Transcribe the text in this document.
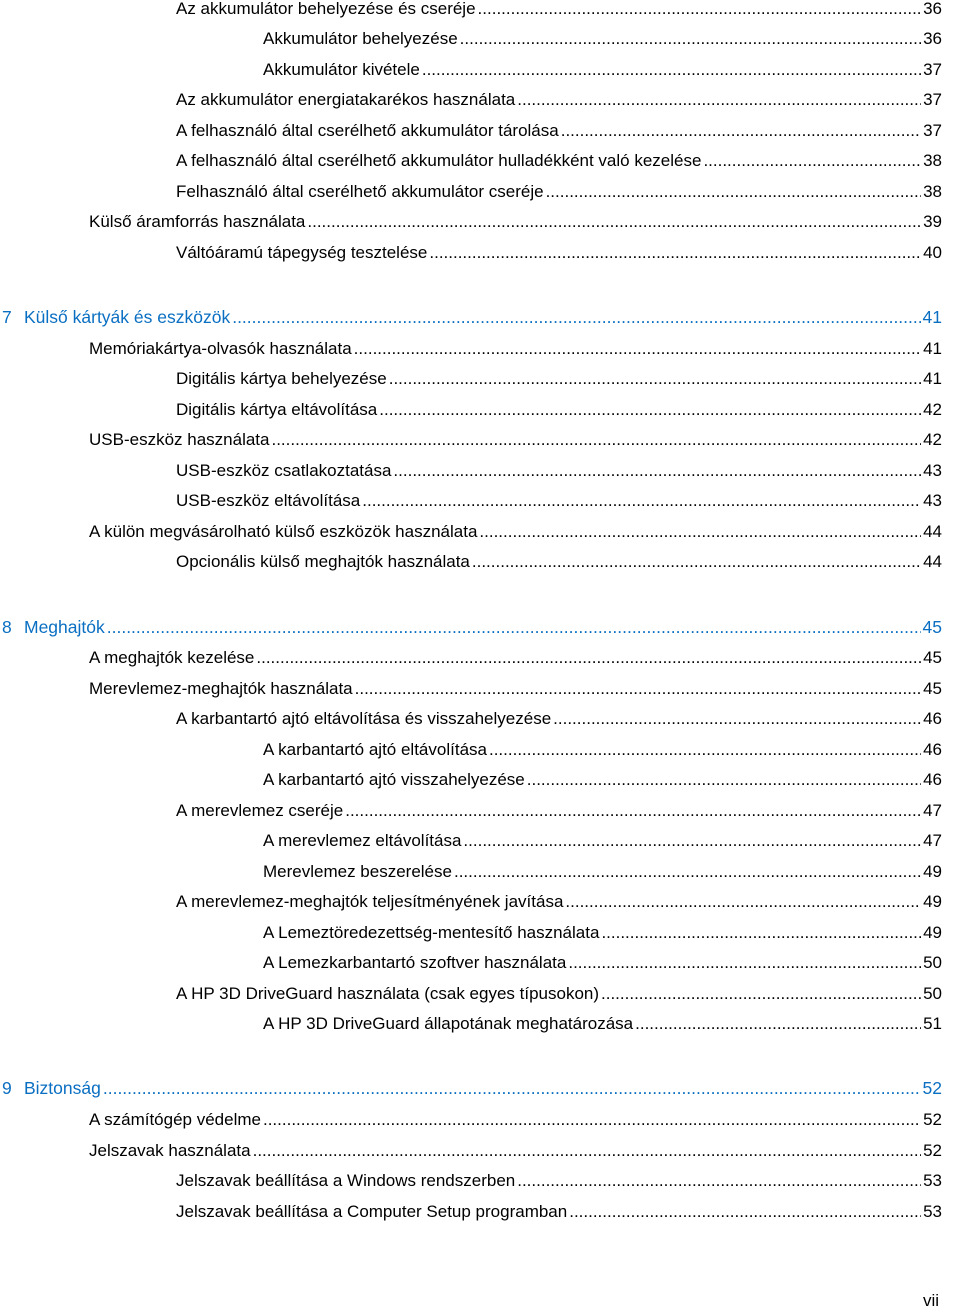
Az akkumulátor behelyezése és cseréje .....	36
Akkumulátor behelyezése .....	36
Akkumulátor kivétele .....	37
Az akkumulátor energiatakarékos használata .....	37
A felhasználó által cserélhető akkumulátor tárolása .....	37
A felhasználó által cserélhető akkumulátor hulladékként való kezelése .....	38
Felhasználó által cserélhető akkumulátor cseréje .....	38
Külső áramforrás használata .....	39
Váltóáramú tápegység tesztelése .....	40
7 Külső kártyák és eszközök .....	41
Memóriakártya-olvasók használata .....	41
Digitális kártya behelyezése .....	41
Digitális kártya eltávolítása .....	42
USB-eszköz használata .....	42
USB-eszköz csatlakoztatása .....	43
USB-eszköz eltávolítása .....	43
A külön megvásárolható külső eszközök használata .....	44
Opcionális külső meghajtók használata .....	44
8 Meghajtók .....	45
A meghajtók kezelése .....	45
Merevlemez-meghajtók használata .....	45
A karbantartó ajtó eltávolítása és visszahelyezése .....	46
A karbantartó ajtó eltávolítása .....	46
A karbantartó ajtó visszahelyezése .....	46
A merevlemez cseréje .....	47
A merevlemez eltávolítása .....	47
Merevlemez beszerelése .....	49
A merevlemez-meghajtók teljesítményének javítása .....	49
A Lemeztöredezettség-mentesítő használata .....	49
A Lemezkarbantartó szoftver használata .....	50
A HP 3D DriveGuard használata (csak egyes típusokon) .....	50
A HP 3D DriveGuard állapotának meghatározása .....	51
9 Biztonság .....	52
A számítógép védelme .....	52
Jelszavak használata .....	52
Jelszavak beállítása a Windows rendszerben .....	53
Jelszavak beállítása a Computer Setup programban .....	53
vii
